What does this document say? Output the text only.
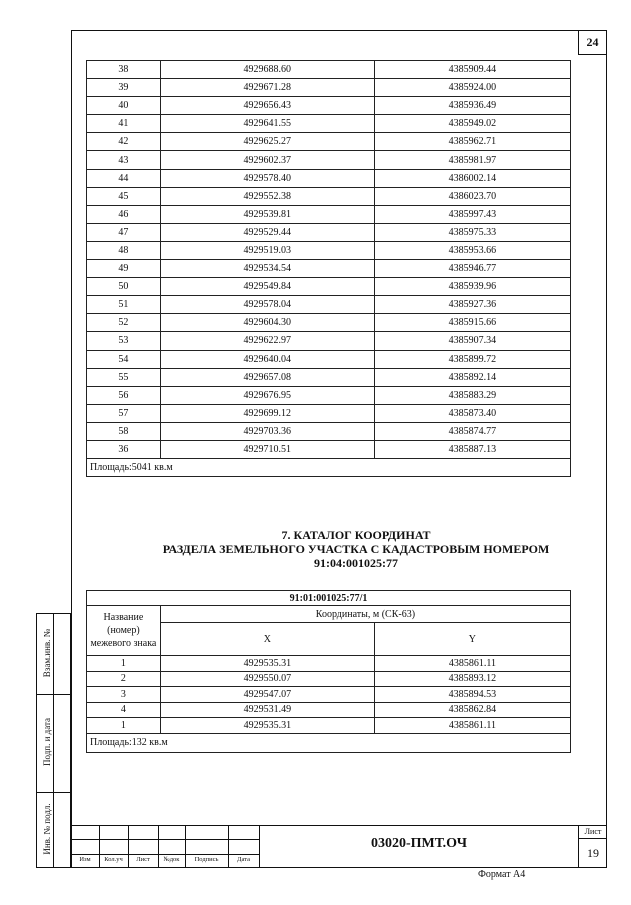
24
38	4929688.60	4385909.44
39	4929671.28	4385924.00
40	4929656.43	4385936.49
41	4929641.55	4385949.02
42	4929625.27	4385962.71
43	4929602.37	4385981.97
44	4929578.40	4386002.14
45	4929552.38	4386023.70
46	4929539.81	4385997.43
47	4929529.44	4385975.33
48	4929519.03	4385953.66
49	4929534.54	4385946.77
50	4929549.84	4385939.96
51	4929578.04	4385927.36
52	4929604.30	4385915.66
53	4929622.97	4385907.34
54	4929640.04	4385899.72
55	4929657.08	4385892.14
56	4929676.95	4385883.29
57	4929699.12	4385873.40
58	4929703.36	4385874.77
36	4929710.51	4385887.13
Площадь:5041 кв.м		
7. КАТАЛОГ КООРДИНАТ
РАЗДЕЛА ЗЕМЕЛЬНОГО УЧАСТКА С КАДАСТРОВЫМ НОМЕРОМ
91:04:001025:77
91:01:001025:77/1		
Название (номер) межевого знака	Координаты, м (СК-63)	
	X	Y
1	4929535.31	4385861.11
2	4929550.07	4385893.12
3	4929547.07	4385894.53
4	4929531.49	4385862.84
1	4929535.31	4385861.11
Площадь:132 кв.м		
Взам.инв. №
Подп. и дата
Инв. № подл.
Изм	Кол.уч	Лист	№док	Подпись	Дата
03020-ПМТ.ОЧ
Лист
19
Формат А4
